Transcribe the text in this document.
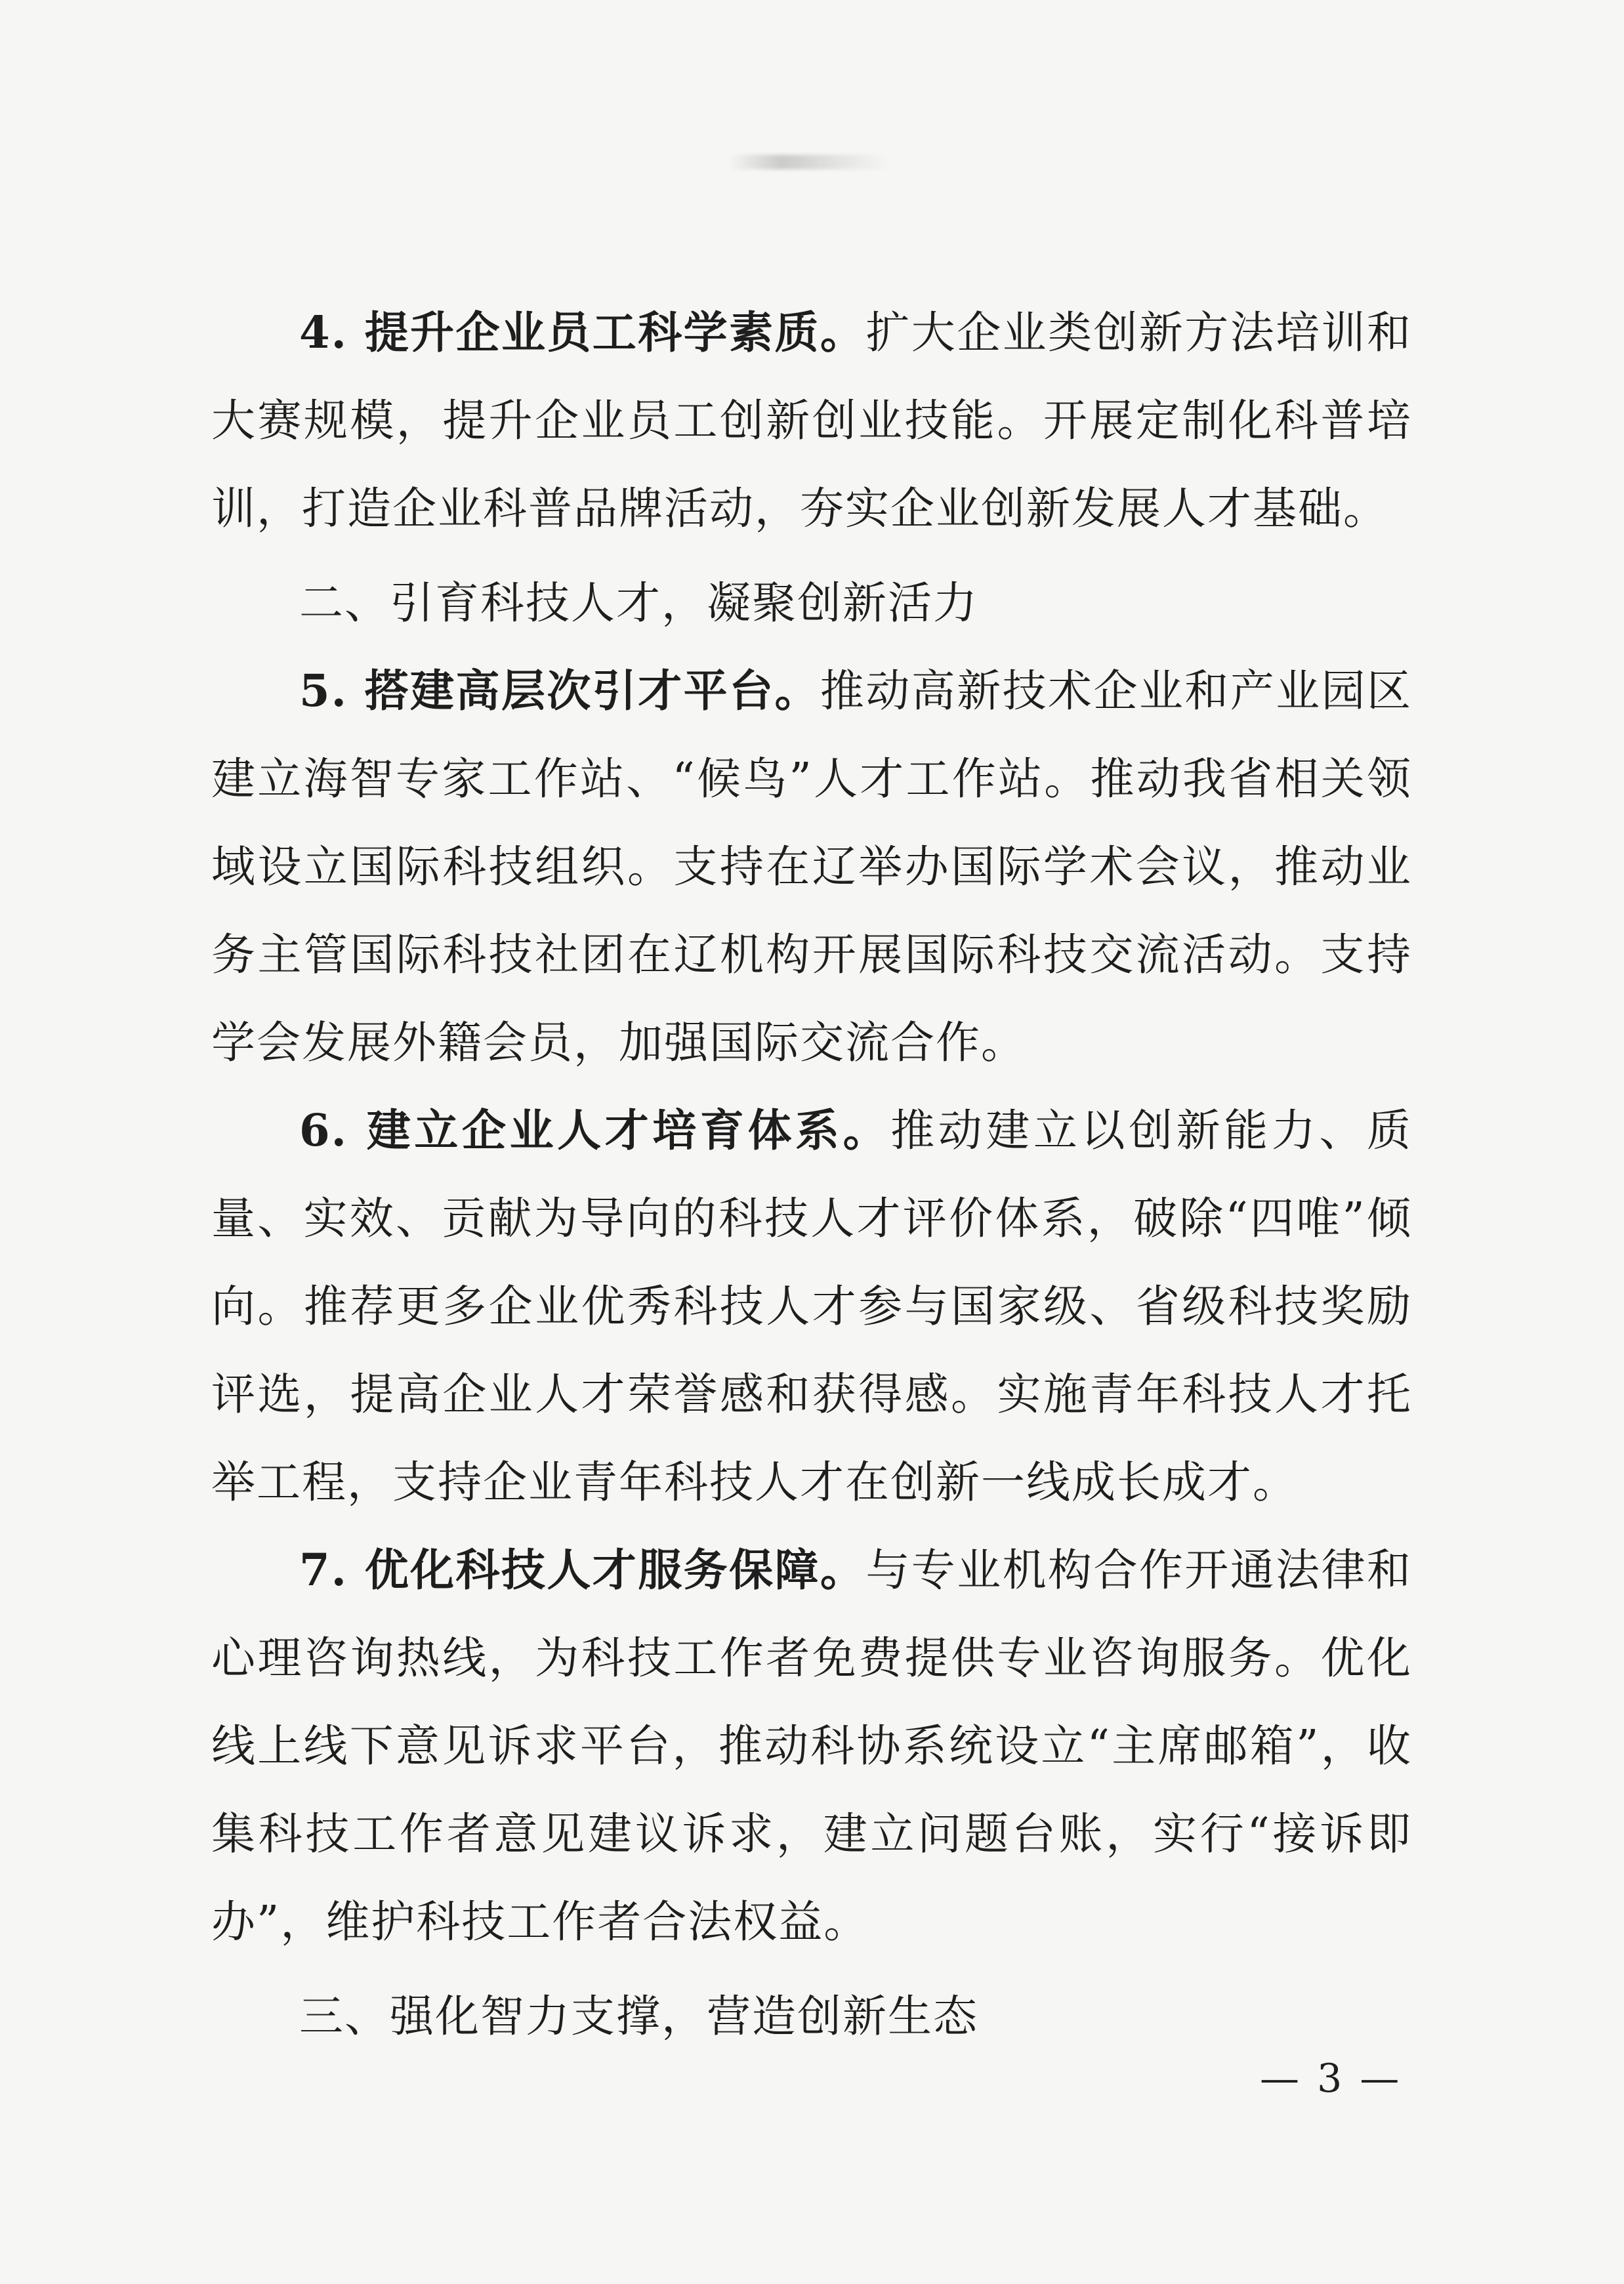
4. 提升企业员工科学素质。扩大企业类创新方法培训和大赛规模，提升企业员工创新创业技能。开展定制化科普培训，打造企业科普品牌活动，夯实企业创新发展人才基础。

二、引育科技人才，凝聚创新活力

5. 搭建高层次引才平台。推动高新技术企业和产业园区建立海智专家工作站、“候鸟”人才工作站。推动我省相关领域设立国际科技组织。支持在辽举办国际学术会议，推动业务主管国际科技社团在辽机构开展国际科技交流活动。支持学会发展外籍会员，加强国际交流合作。

6. 建立企业人才培育体系。推动建立以创新能力、质量、实效、贡献为导向的科技人才评价体系，破除“四唯”倾向。推荐更多企业优秀科技人才参与国家级、省级科技奖励评选，提高企业人才荣誉感和获得感。实施青年科技人才托举工程，支持企业青年科技人才在创新一线成长成才。

7. 优化科技人才服务保障。与专业机构合作开通法律和心理咨询热线，为科技工作者免费提供专业咨询服务。优化线上线下意见诉求平台，推动科协系统设立“主席邮箱”，收集科技工作者意见建议诉求，建立问题台账，实行“接诉即办”，维护科技工作者合法权益。

三、强化智力支撑，营造创新生态

— 3 —
